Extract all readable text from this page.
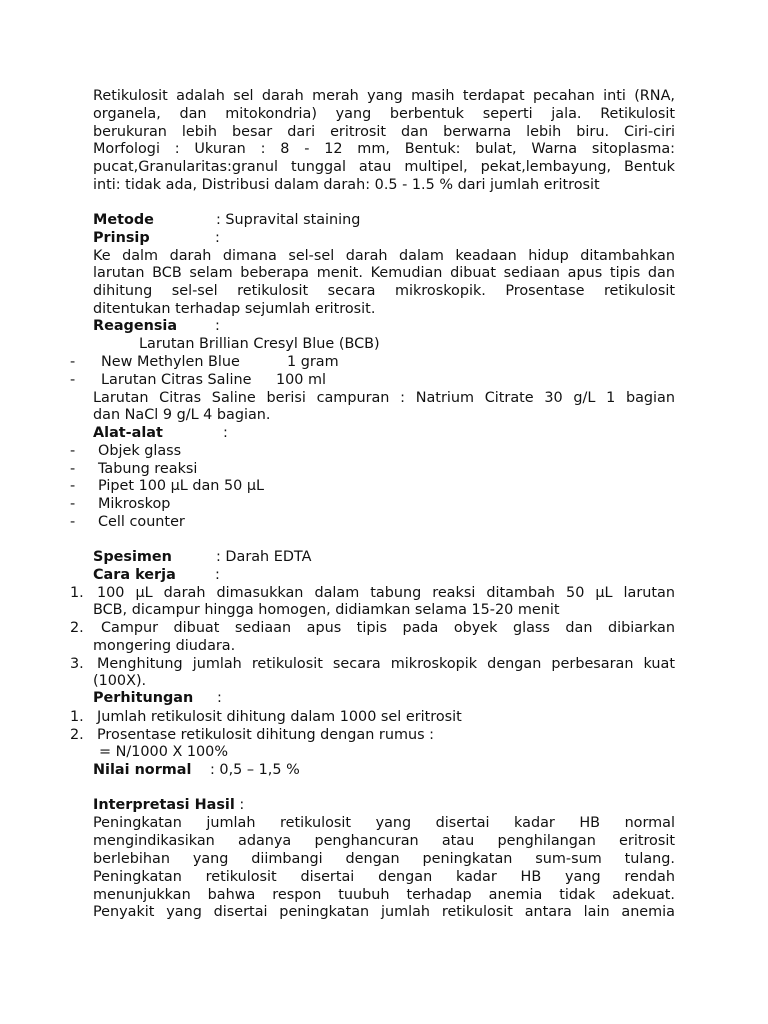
Retikulosit adalah sel darah merah yang masih terdapat pecahan inti (RNA,
organela, dan mitokondria) yang berbentuk seperti jala. Retikulosit
berukuran lebih besar dari eritrosit dan berwarna lebih biru. Ciri-ciri
Morfologi : Ukuran : 8 - 12 mm, Bentuk: bulat, Warna sitoplasma:
pucat,Granularitas:granul tunggal atau multipel, pekat,lembayung, Bentuk
inti: tidak ada, Distribusi dalam darah: 0.5 - 1.5 % dari jumlah eritrosit
Metode	: Supravital staining
Prinsip	:
Ke dalm darah dimana sel-sel darah dalam keadaan hidup ditambahkan
larutan BCB selam beberapa menit. Kemudian dibuat sediaan apus tipis dan
dihitung sel-sel retikulosit secara mikroskopik. Prosentase retikulosit
ditentukan terhadap sejumlah eritrosit.
Reagensia	:
Larutan Brillian Cresyl Blue (BCB)
- New Methylen Blue	1 gram
- Larutan Citras Saline 100 ml
Larutan Citras Saline berisi campuran : Natrium Citrate 30 g/L 1 bagian
dan NaCl 9 g/L 4 bagian.
Alat-alat	:
- Objek glass
- Tabung reaksi
- Pipet 100 µL dan 50 µL
- Mikroskop
- Cell counter
Spesimen	: Darah EDTA
Cara kerja	:
1. 100 µL darah dimasukkan dalam tabung reaksi ditambah 50 µL larutan
BCB, dicampur hingga homogen, didiamkan selama 15-20 menit
2. Campur dibuat sediaan apus tipis pada obyek glass dan dibiarkan
mongering diudara.
3. Menghitung jumlah retikulosit secara mikroskopik dengan perbesaran kuat
(100X).
Perhitungan :
1. Jumlah retikulosit dihitung dalam 1000 sel eritrosit
2. Prosentase retikulosit dihitung dengan rumus :
= N/1000 X 100%
Nilai normal : 0,5 – 1,5 %
Interpretasi Hasil :
Peningkatan jumlah retikulosit yang disertai kadar HB normal
mengindikasikan adanya penghancuran atau penghilangan eritrosit
berlebihan yang diimbangi dengan peningkatan sum-sum tulang.
Peningkatan retikulosit disertai dengan kadar HB yang rendah
menunjukkan bahwa respon tuubuh terhadap anemia tidak adekuat.
Penyakit yang disertai peningkatan jumlah retikulosit antara lain anemia
